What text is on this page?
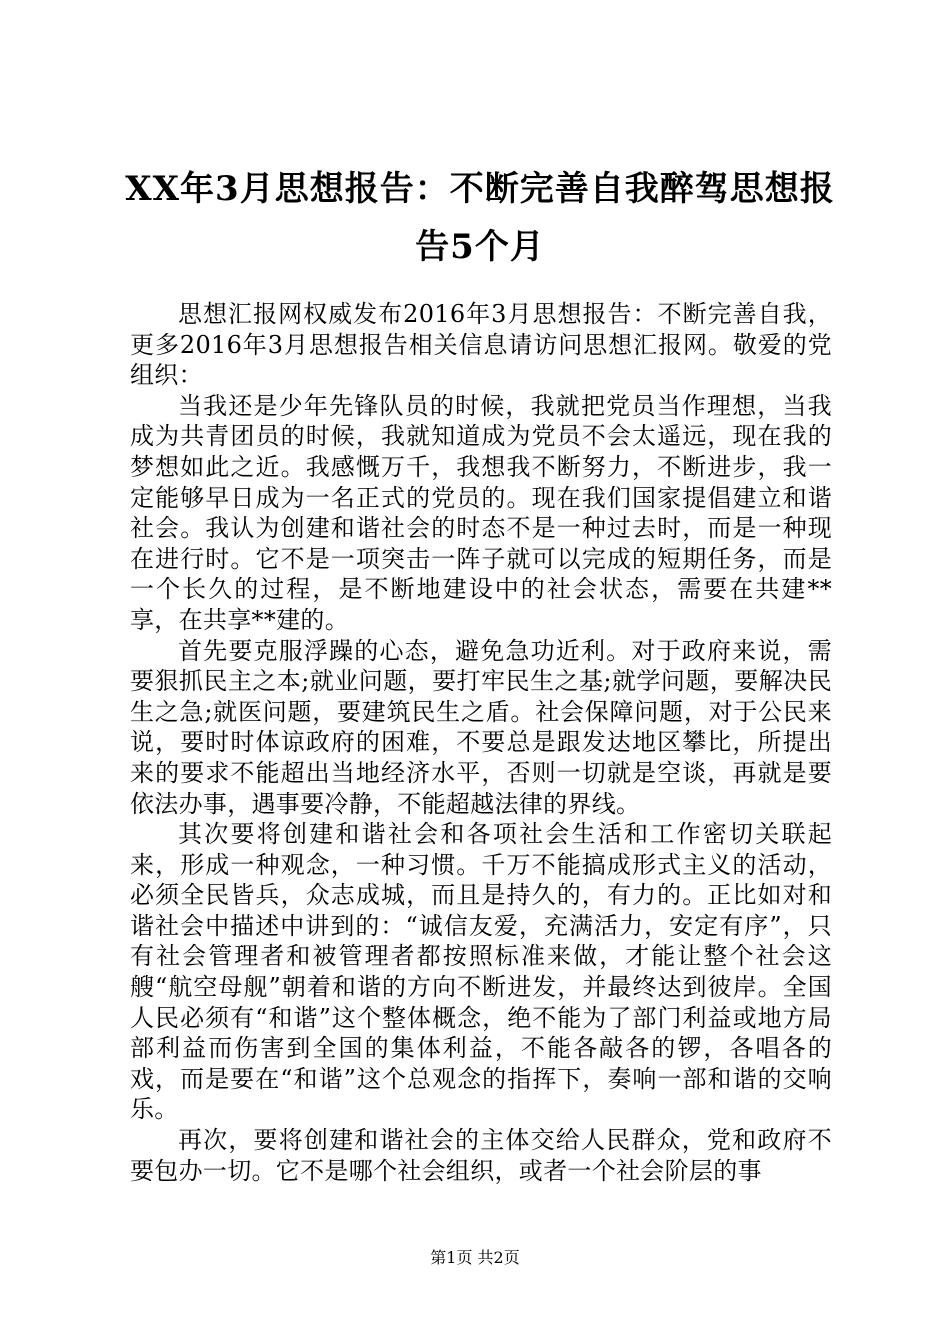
XX年3月思想报告：不断完善自我醉驾思想报
告5个月

思想汇报网权威发布2016年3月思想报告：不断完善自我，更多2016年3月思想报告相关信息请访问思想汇报网。敬爱的党组织：

当我还是少年先锋队员的时候，我就把党员当作理想，当我成为共青团员的时候，我就知道成为党员不会太遥远，现在我的梦想如此之近。我感慨万千，我想我不断努力，不断进步，我一定能够早日成为一名正式的党员的。现在我们国家提倡建立和谐社会。我认为创建和谐社会的时态不是一种过去时，而是一种现在进行时。它不是一项突击一阵子就可以完成的短期任务，而是一个长久的过程，是不断地建设中的社会状态，需要在共建**享，在共享**建的。

首先要克服浮躁的心态，避免急功近利。对于政府来说，需要狠抓民主之本;就业问题，要打牢民生之基;就学问题，要解决民生之急;就医问题，要建筑民生之盾。社会保障问题，对于公民来说，要时时体谅政府的困难，不要总是跟发达地区攀比，所提出来的要求不能超出当地经济水平，否则一切就是空谈，再就是要依法办事，遇事要冷静，不能超越法律的界线。

其次要将创建和谐社会和各项社会生活和工作密切关联起来，形成一种观念，一种习惯。千万不能搞成形式主义的活动，必须全民皆兵，众志成城，而且是持久的，有力的。正比如对和谐社会中描述中讲到的：“诚信友爱，充满活力，安定有序”，只有社会管理者和被管理者都按照标准来做，才能让整个社会这艘“航空母舰”朝着和谐的方向不断进发，并最终达到彼岸。全国人民必须有“和谐”这个整体概念，绝不能为了部门利益或地方局部利益而伤害到全国的集体利益，不能各敲各的锣，各唱各的戏，而是要在“和谐”这个总观念的指挥下，奏响一部和谐的交响乐。

再次，要将创建和谐社会的主体交给人民群众，党和政府不要包办一切。它不是哪个社会组织，或者一个社会阶层的事

第1页 共2页
